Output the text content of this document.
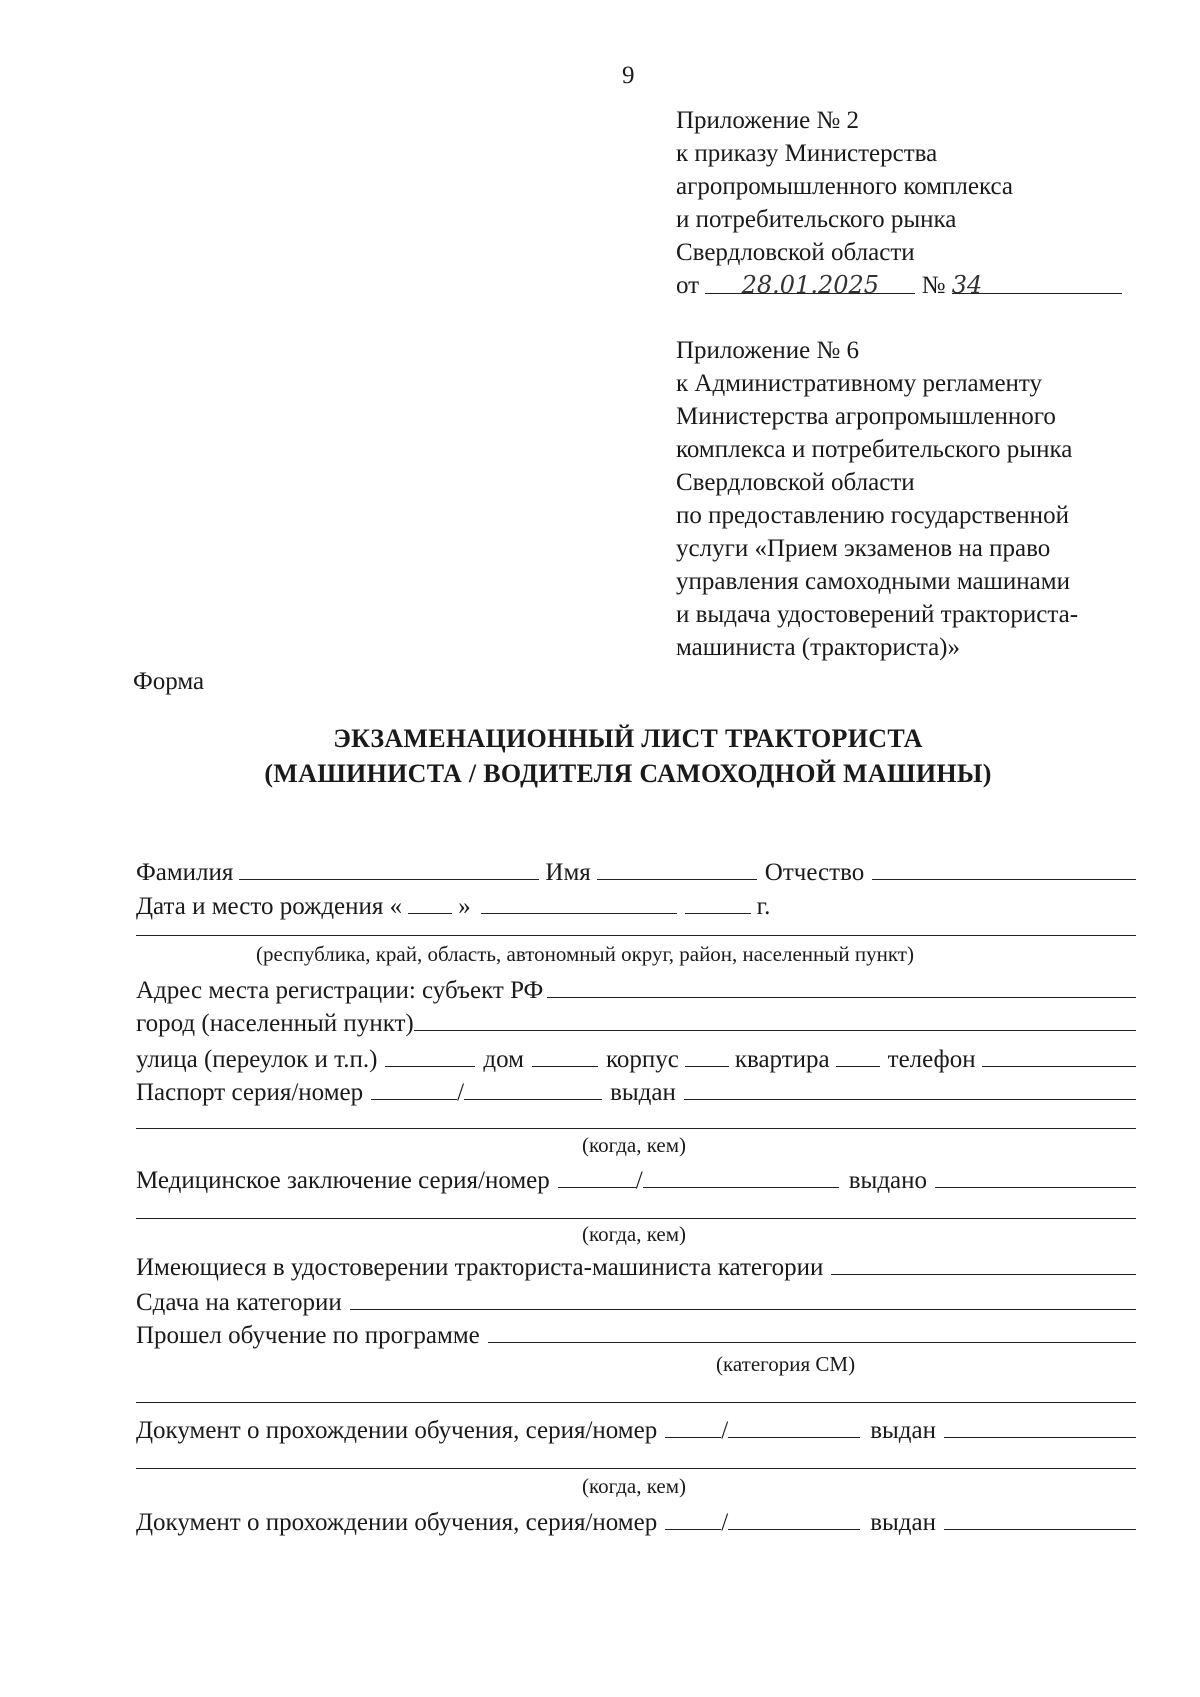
9
Приложение № 2
к приказу Министерства
агропромышленного комплекса
и потребительского рынка
Свердловской области
от 28.01.2025 № 34
Приложение № 6
к Административному регламенту
Министерства агропромышленного
комплекса и потребительского рынка
Свердловской области
по предоставлению государственной
услуги «Прием экзаменов на право
управления самоходными машинами
и выдача удостоверений тракториста-
машиниста (тракториста)»
Форма
ЭКЗАМЕНАЦИОННЫЙ ЛИСТ ТРАКТОРИСТА
(МАШИНИСТА / ВОДИТЕЛЯ САМОХОДНОЙ МАШИНЫ)
Фамилия	Имя	Отчество
Дата и место рождения « »	г.
(республика, край, область, автономный округ, район, населенный пункт)
Адрес места регистрации: субъект РФ
город (населенный пункт)
улица (переулок и т.п.)	дом	корпус квартира телефон
Паспорт серия/номер	/	выдан
(когда, кем)
Медицинское заключение серия/номер	/	выдано
(когда, кем)
Имеющиеся в удостоверении тракториста-машиниста категории
Сдача на категории
Прошел обучение по программе
(категория СМ)
Документ о прохождении обучения, серия/номер	/	выдан
(когда, кем)
Документ о прохождении обучения, серия/номер	/	выдан
